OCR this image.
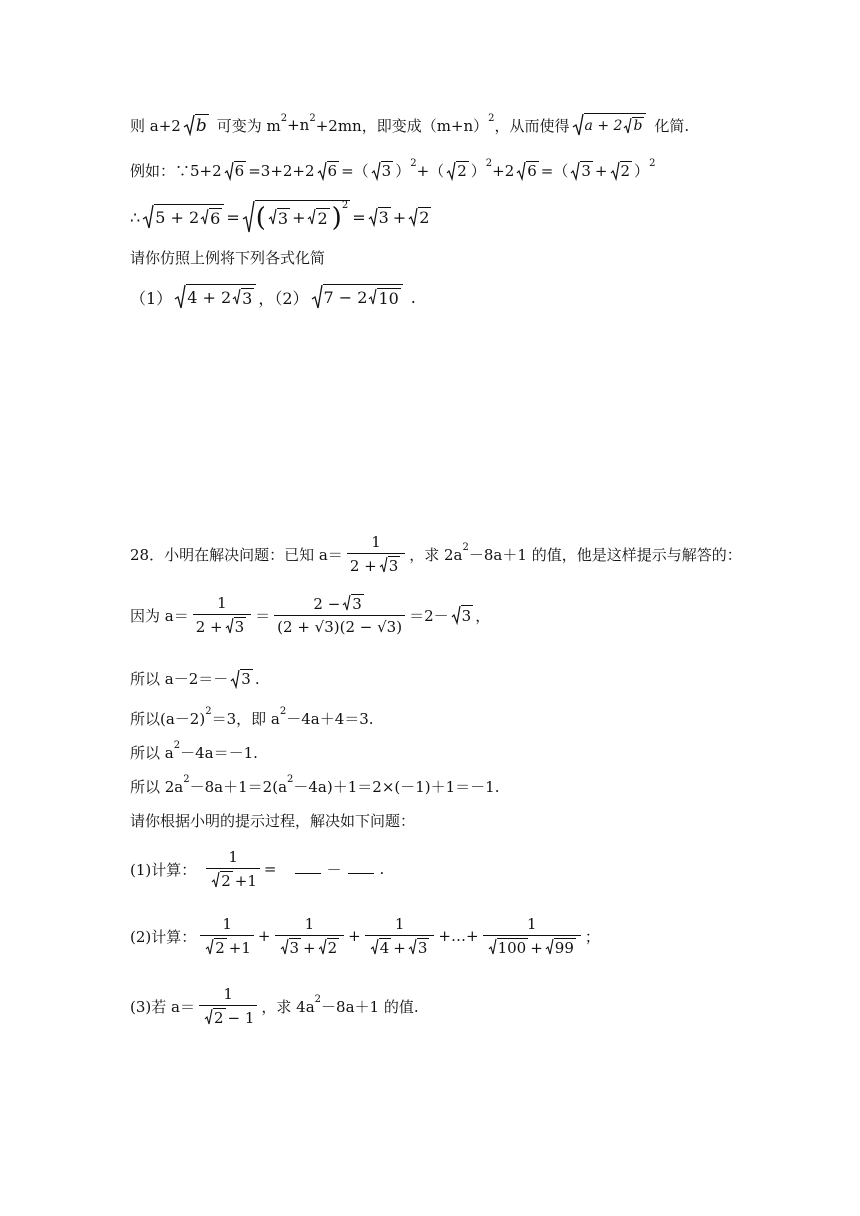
则 a+2 b 可变为 m 2 +n 2 +2mn，即变成（m+n） 2 ，从而使得 a + 2 b 化简.
例如：∵5+2 6 =3+2+2 6 =（ 3 ） 2 +（ 2 ） 2 +2 6 =（ 3 + 2 ） 2
∴ 5 + 2 6 = ( 3 + 2 ) 2
= 3 + 2
请你仿照上例将下列各式化简
（1） 4 + 2 3 ，（2） 7 − 2 10 .
28．小明在解决问题：已知 $a= \frac{1}{2 + 3}$ ，求 2a 2 －8a＋1 的值，他是这样提示与解答的：
因为 $a= \frac{1}{2 + 3} = \frac{2 - 3}{(2 + √3)(2 - √3)} =2- 3$ ，
所以 a－2＝－ 3 .
所以(a－2) 2 ＝3，即 a 2 －4a＋4＝3.
所以 a 2 －4a＝－1.
所以 2a 2 －8a＋1＝2(a 2 －4a)＋1＝2×(－1)＋1＝－1.
请你根据小明的提示过程，解决如下问题：
(1)计算： $\frac{1}{2 +1}$ =	－	.
(2)计算： $\frac{1}{2 +1} + \frac{1}{3 + 2} + \frac{1}{4 + 3}$ +…+ $\frac{1}{100 + 99}$ ；
(3)若 $a= \frac{1}{2 - 1}$ ，求 4a 2 －8a＋1 的值.
